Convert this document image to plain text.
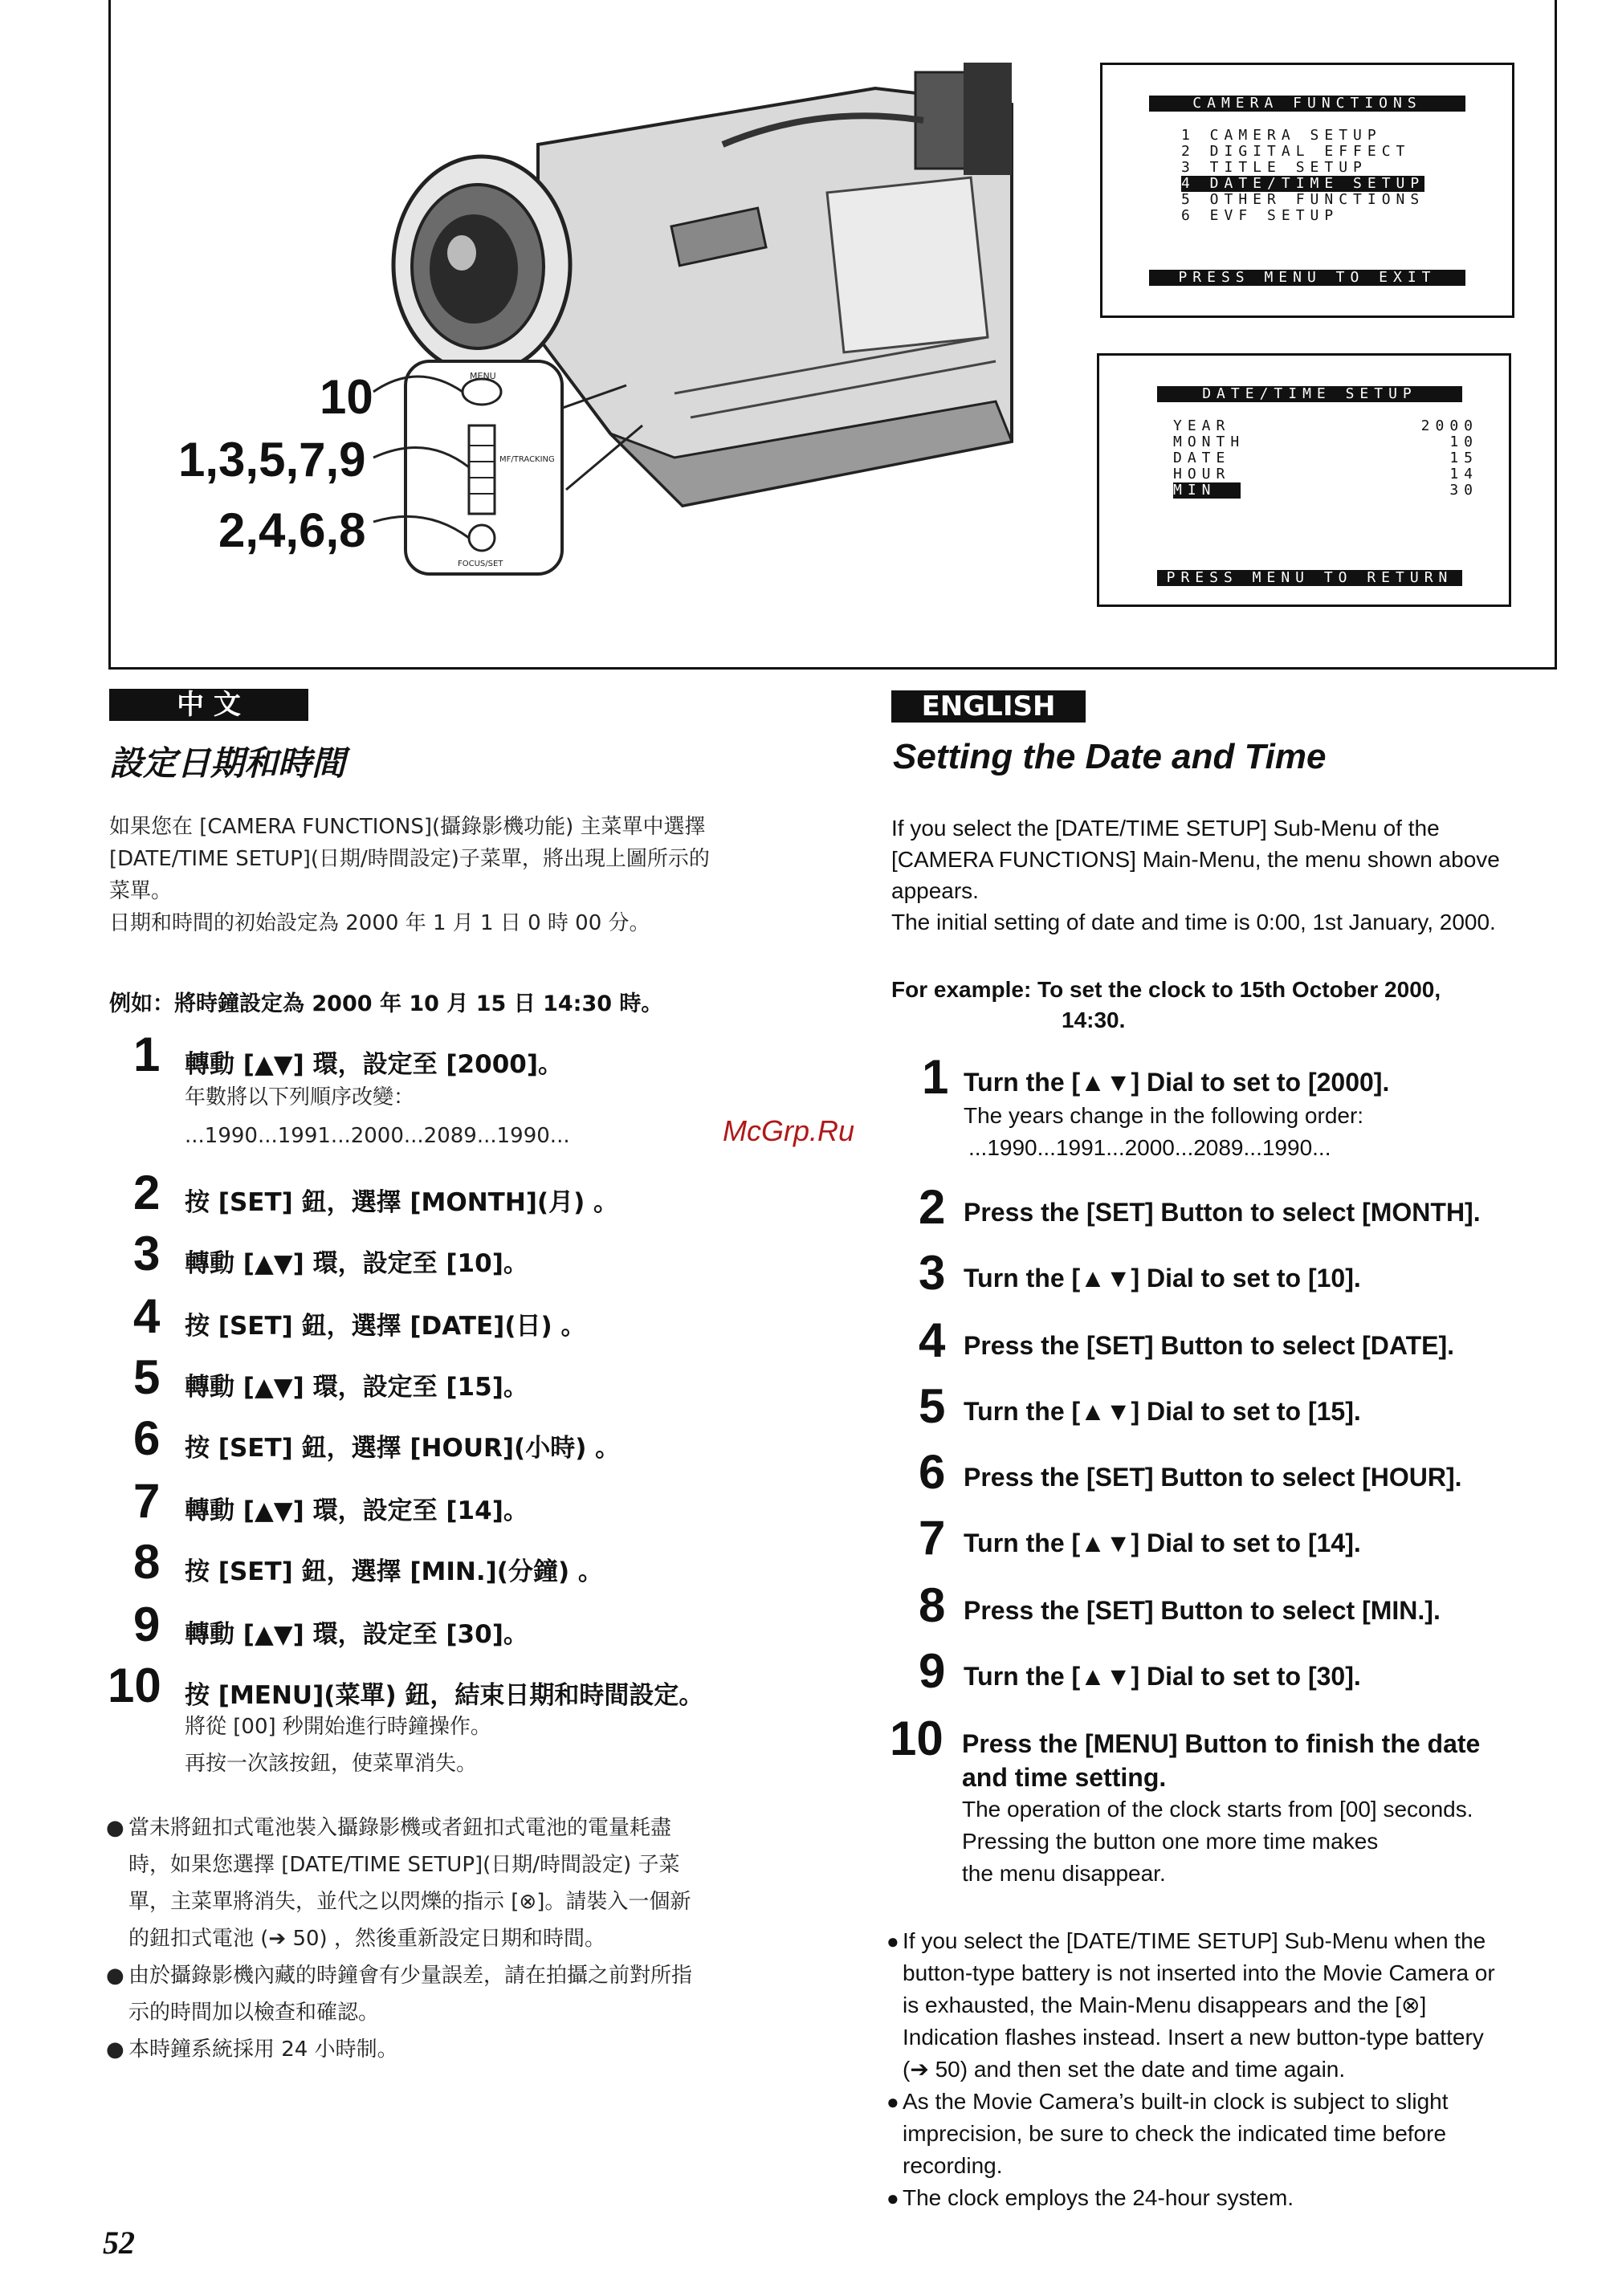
MENU
MF/TRACKING
FOCUS/SET
10
1,3,5,7,9
2,4,6,8
CAMERA FUNCTIONS
1 CAMERA SETUP
2 DIGITAL EFFECT
3 TITLE SETUP
4 DATE/TIME SETUP
5 OTHER FUNCTIONS
6 EVF SETUP
PRESS MENU TO EXIT
DATE/TIME SETUP
YEAR	2000
MONTH	10
DATE	15
HOUR	14
MIN	30
PRESS MENU TO RETURN
中 文
設定日期和時間
如果您在 [CAMERA FUNCTIONS](攝錄影機功能) 主菜單中選擇
[DATE/TIME SETUP](日期/時間設定)子菜單，將出現上圖所示的
菜單。
日期和時間的初始設定為 2000 年 1 月 1 日 0 時 00 分。
例如：將時鐘設定為 2000 年 10 月 15 日 14:30 時。
1 轉動 [▲▼] 環，設定至 [2000]。
年數將以下列順序改變：
...1990...1991...2000...2089...1990...
2 按 [SET] 鈕，選擇 [MONTH](月) 。
3 轉動 [▲▼] 環，設定至 [10]。
4 按 [SET] 鈕，選擇 [DATE](日) 。
5 轉動 [▲▼] 環，設定至 [15]。
6 按 [SET] 鈕，選擇 [HOUR](小時) 。
7 轉動 [▲▼] 環，設定至 [14]。
8 按 [SET] 鈕，選擇 [MIN.](分鐘) 。
9 轉動 [▲▼] 環，設定至 [30]。
10 按 [MENU](菜單) 鈕，結束日期和時間設定。
將從 [00] 秒開始進行時鐘操作。
再按一次該按鈕，使菜單消失。
● 當未將鈕扣式電池裝入攝錄影機或者鈕扣式電池的電量耗盡
時，如果您選擇 [DATE/TIME SETUP](日期/時間設定) 子菜
單，主菜單將消失，並代之以閃爍的指示 [⊗]。請裝入一個新
的鈕扣式電池 (➔ 50) ，然後重新設定日期和時間。
● 由於攝錄影機內藏的時鐘會有少量誤差，請在拍攝之前對所指
示的時間加以檢查和確認。
● 本時鐘系統採用 24 小時制。
ENGLISH
Setting the Date and Time
If you select the [DATE/TIME SETUP] Sub-Menu of the
[CAMERA FUNCTIONS] Main-Menu, the menu shown above
appears.
The initial setting of date and time is 0:00, 1st January, 2000.
For example: To set the clock to 15th October 2000,
14:30.
1 Turn the [▲▼] Dial to set to [2000].
The years change in the following order:
...1990...1991...2000...2089...1990...
2 Press the [SET] Button to select [MONTH].
3 Turn the [▲▼] Dial to set to [10].
4 Press the [SET] Button to select [DATE].
5 Turn the [▲▼] Dial to set to [15].
6 Press the [SET] Button to select [HOUR].
7 Turn the [▲▼] Dial to set to [14].
8 Press the [SET] Button to select [MIN.].
9 Turn the [▲▼] Dial to set to [30].
10 Press the [MENU] Button to finish the date
and time setting.
The operation of the clock starts from [00] seconds.
Pressing the button one more time makes
the menu disappear.
● If you select the [DATE/TIME SETUP] Sub-Menu when the
button-type battery is not inserted into the Movie Camera or
is exhausted, the Main-Menu disappears and the [⊗]
Indication flashes instead. Insert a new button-type battery
(➔ 50) and then set the date and time again.
● As the Movie Camera’s built-in clock is subject to slight
imprecision, be sure to check the indicated time before
recording.
● The clock employs the 24-hour system.
McGrp.Ru
52
